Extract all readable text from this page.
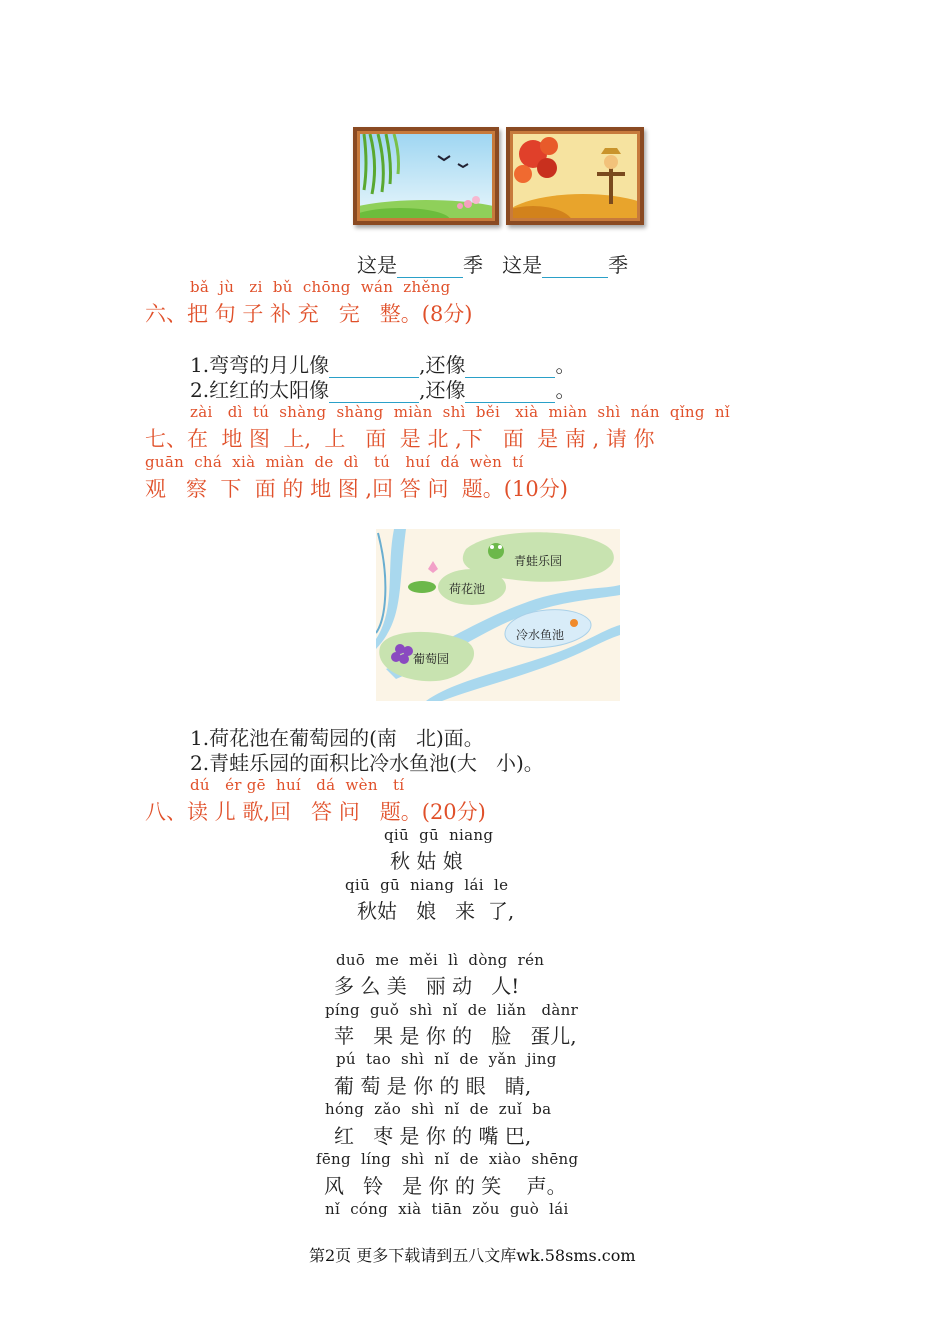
这是	季 这是	季
bǎ  jù   zi  bǔ  chōng  wán  zhěng
六、把 句 子 补 充   完   整。(8分)
1.弯弯的月儿像	,还像	。
2.红红的太阳像	,还像	。
zài   dì  tú  shàng  shàng  miàn  shì  běi   xià  miàn  shì  nán  qǐng  nǐ
七、在  地 图  上,  上   面  是 北 ,下   面  是 南 , 请 你
guān  chá  xià  miàn  de  dì   tú   huí  dá  wèn  tí
观   察  下  面 的 地 图 ,回 答 问  题。(10分)
青蛙乐园
荷花池
冷水鱼池
葡萄园
1.荷花池在葡萄园的(南   北)面。
2.青蛙乐园的面积比冷水鱼池(大   小)。
dú   ér gē  huí   dá  wèn   tí
八、读 儿 歌,回   答 问   题。(20分)
qiū  gū  niang
秋 姑 娘
qiū  gū  niang  lái  le
秋姑   娘   来  了,
duō  me  měi  lì  dòng  rén
多 么 美   丽 动   人!
píng  guǒ  shì  nǐ  de  liǎn   dànr
苹   果 是 你 的   脸   蛋儿,
pú  tao  shì  nǐ  de  yǎn  jing
葡 萄 是 你 的 眼   睛,
hóng  zǎo  shì  nǐ  de  zuǐ  ba
红   枣 是 你 的 嘴 巴,
fēng  líng  shì  nǐ  de  xiào  shēng
风   铃   是 你 的 笑    声。
nǐ  cóng  xià  tiān  zǒu  guò  lái
第2页 更多下载请到五八文库wk.58sms.com
